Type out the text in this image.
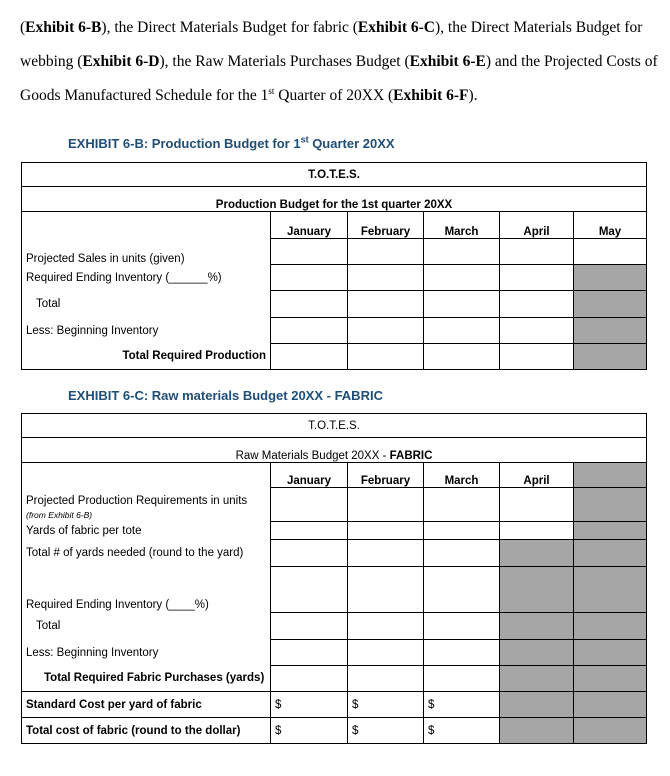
(Exhibit 6-B), the Direct Materials Budget for fabric (Exhibit 6-C), the Direct Materials Budget for

webbing (Exhibit 6-D), the Raw Materials Purchases Budget (Exhibit 6-E) and the Projected Costs of

Goods Manufactured Schedule for the 1st Quarter of 20XX (Exhibit 6-F).

EXHIBIT 6-B: Production Budget for 1st Quarter 20XX
T.O.T.E.S.					
Production Budget for the 1st quarter 20XX					
	January	February	March	April	May
Projected Sales in units (given)					
Required Ending Inventory (______%)					
Total					
Less: Beginning Inventory					
Total Required Production					
EXHIBIT 6-C: Raw materials Budget 20XX - FABRIC
T.O.T.E.S.					
Raw Materials Budget 20XX - FABRIC					
	January	February	March	April	

Projected Production Requirements in units
(from Exhibit 6-B)					

Yards of fabric per tote					
Total # of yards needed (round to the yard)					
Required Ending Inventory (____%)					
Total					
Less: Beginning Inventory					
Total Required Fabric Purchases (yards)					
Standard Cost per yard of fabric	$	$	$		
Total cost of fabric (round to the dollar)	$	$	$		
